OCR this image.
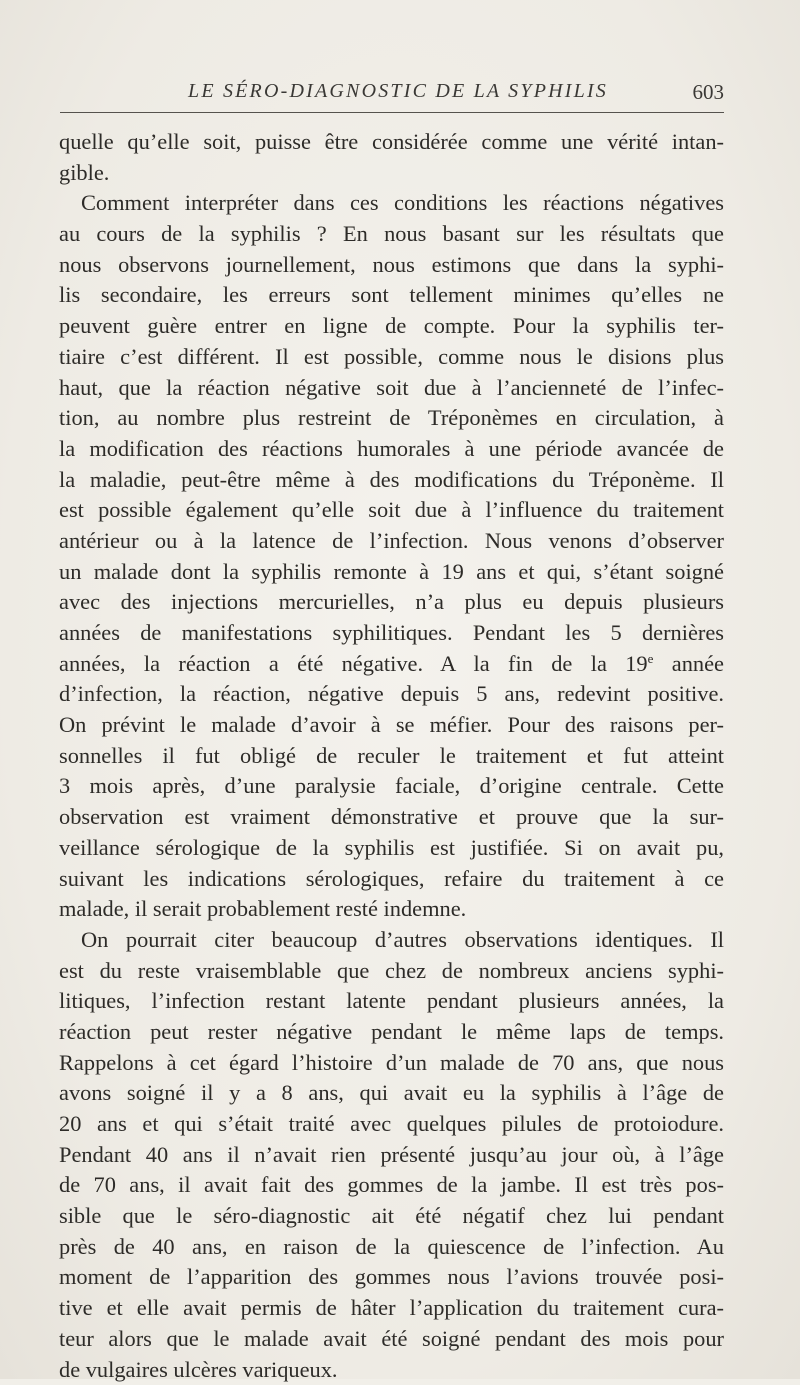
LE SÉRO-DIAGNOSTIC DE LA SYPHILIS	603
quelle qu’elle soit, puisse être considérée comme une vérité intan-
gible.
Comment interpréter dans ces conditions les réactions négatives
au cours de la syphilis ? En nous basant sur les résultats que
nous observons journellement, nous estimons que dans la syphi-
lis secondaire, les erreurs sont tellement minimes qu’elles ne
peuvent guère entrer en ligne de compte. Pour la syphilis ter-
tiaire c’est différent. Il est possible, comme nous le disions plus
haut, que la réaction négative soit due à l’ancienneté de l’infec-
tion, au nombre plus restreint de Tréponèmes en circulation, à
la modification des réactions humorales à une période avancée de
la maladie, peut-être même à des modifications du Tréponème. Il
est possible également qu’elle soit due à l’influence du traitement
antérieur ou à la latence de l’infection. Nous venons d’observer
un malade dont la syphilis remonte à 19 ans et qui, s’étant soigné
avec des injections mercurielles, n’a plus eu depuis plusieurs
années de manifestations syphilitiques. Pendant les 5 dernières
années, la réaction a été négative. A la fin de la 19e année
d’infection, la réaction, négative depuis 5 ans, redevint positive.
On prévint le malade d’avoir à se méfier. Pour des raisons per-
sonnelles il fut obligé de reculer le traitement et fut atteint
3 mois après, d’une paralysie faciale, d’origine centrale. Cette
observation est vraiment démonstrative et prouve que la sur-
veillance sérologique de la syphilis est justifiée. Si on avait pu,
suivant les indications sérologiques, refaire du traitement à ce
malade, il serait probablement resté indemne.
On pourrait citer beaucoup d’autres observations identiques. Il
est du reste vraisemblable que chez de nombreux anciens syphi-
litiques, l’infection restant latente pendant plusieurs années, la
réaction peut rester négative pendant le même laps de temps.
Rappelons à cet égard l’histoire d’un malade de 70 ans, que nous
avons soigné il y a 8 ans, qui avait eu la syphilis à l’âge de
20 ans et qui s’était traité avec quelques pilules de protoiodure.
Pendant 40 ans il n’avait rien présenté jusqu’au jour où, à l’âge
de 70 ans, il avait fait des gommes de la jambe. Il est très pos-
sible que le séro-diagnostic ait été négatif chez lui pendant
près de 40 ans, en raison de la quiescence de l’infection. Au
moment de l’apparition des gommes nous l’avions trouvée posi-
tive et elle avait permis de hâter l’application du traitement cura-
teur alors que le malade avait été soigné pendant des mois pour
de vulgaires ulcères variqueux.
